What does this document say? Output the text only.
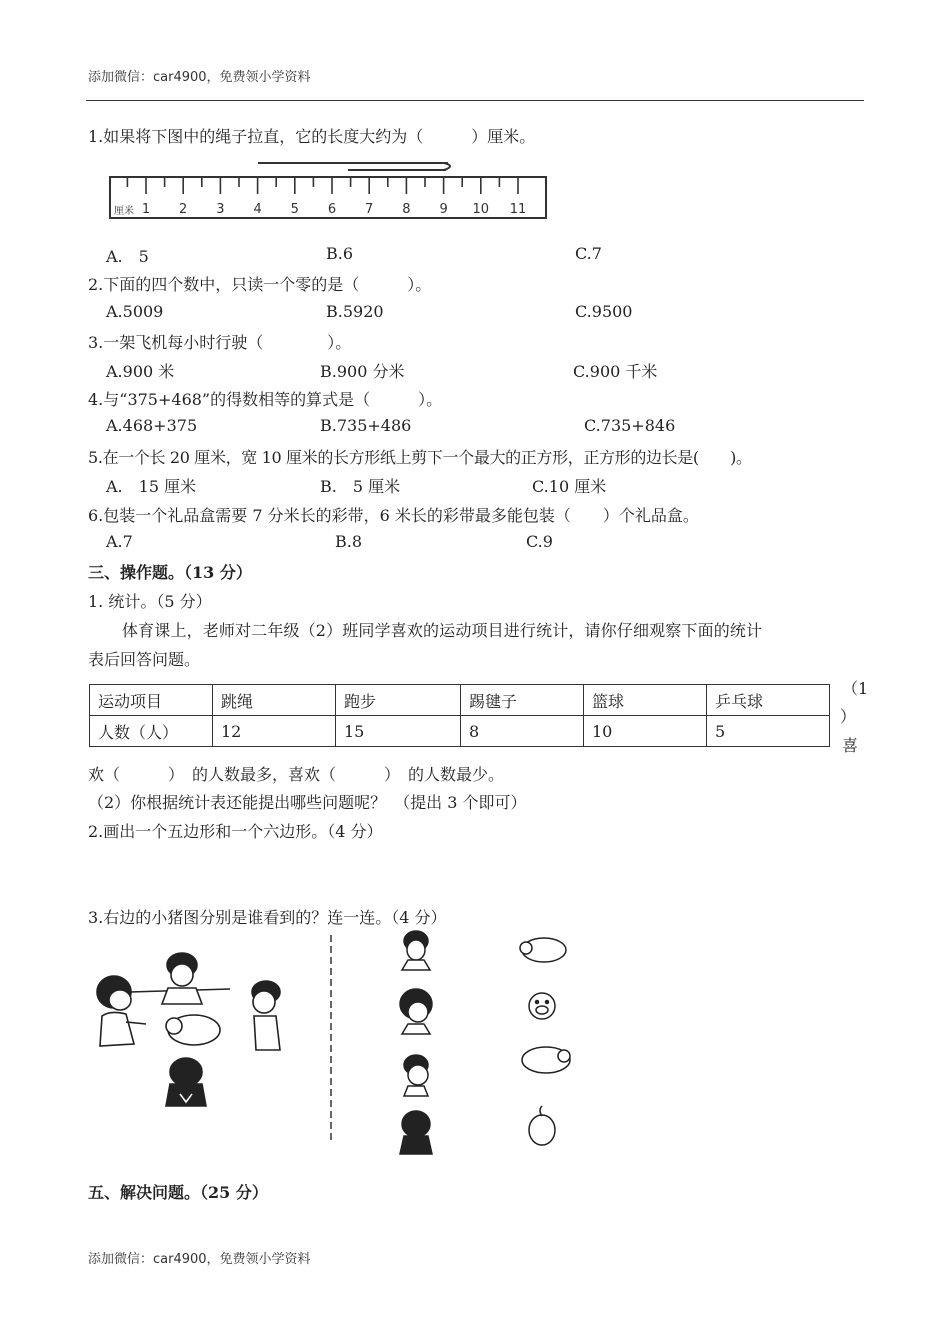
添加微信：car4900，免费领小学资料
1.如果将下图中的绳子拉直，它的长度大约为（　　　）厘米。
厘米 1 2 3 4 5 6 7 8 9 10 11
A.　5	B.6	C.7
2.下面的四个数中，只读一个零的是（　　　）。
A.5009	B.5920	C.9500
3.一架飞机每小时行驶（　　　　）。
A.900 米	B.900 分米	C.900 千米
4.与“375+468”的得数相等的算式是（　　　）。
A.468+375	B.735+486	C.735+846
5.在一个长 20 厘米，宽 10 厘米的长方形纸上剪下一个最大的正方形，正方形的边长是(　　)。
A.　15 厘米	B.　5 厘米	C.10 厘米
6.包装一个礼品盒需要 7 分米长的彩带，6 米长的彩带最多能包装（　　）个礼品盒。
A.7	B.8	C.9
三、操作题。（13 分）
1. 统计。（5 分）
体育课上，老师对二年级（2）班同学喜欢的运动项目进行统计，请你仔细观察下面的统计
表后回答问题。
运动项目	跳绳	跑步	踢毽子	篮球	乒乓球
人数（人）	12	15	8	10	5
（1
）
喜
欢（　　　）　的人数最多，喜欢（　　　）　的人数最少。
（2）你根据统计表还能提出哪些问题呢？　（提出 3 个即可）
2.画出一个五边形和一个六边形。（4 分）
3.右边的小猪图分别是谁看到的？连一连。（4 分）
五、解决问题。（25 分）
添加微信：car4900，免费领小学资料
